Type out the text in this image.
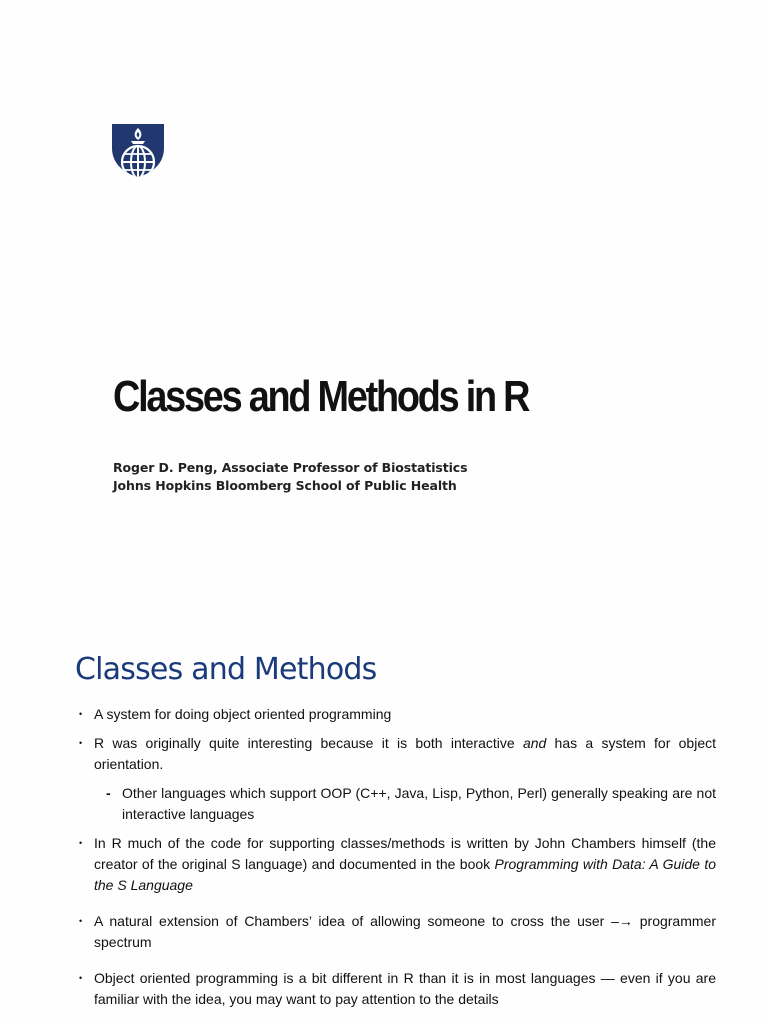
Classes and Methods in R
Roger D. Peng, Associate Professor of Biostatistics
Johns Hopkins Bloomberg School of Public Health
Classes and Methods
• A system for doing object oriented programming
• R was originally quite interesting because it is both interactive and has a system for object orientation.
- Other languages which support OOP (C++, Java, Lisp, Python, Perl) generally speaking are not interactive languages
• In R much of the code for supporting classes/methods is written by John Chambers himself (the creator of the original S language) and documented in the book Programming with Data: A Guide to the S Language
• A natural extension of Chambers’ idea of allowing someone to cross the user –→ programmer spectrum
• Object oriented programming is a bit different in R than it is in most languages — even if you are familiar with the idea, you may want to pay attention to the details
